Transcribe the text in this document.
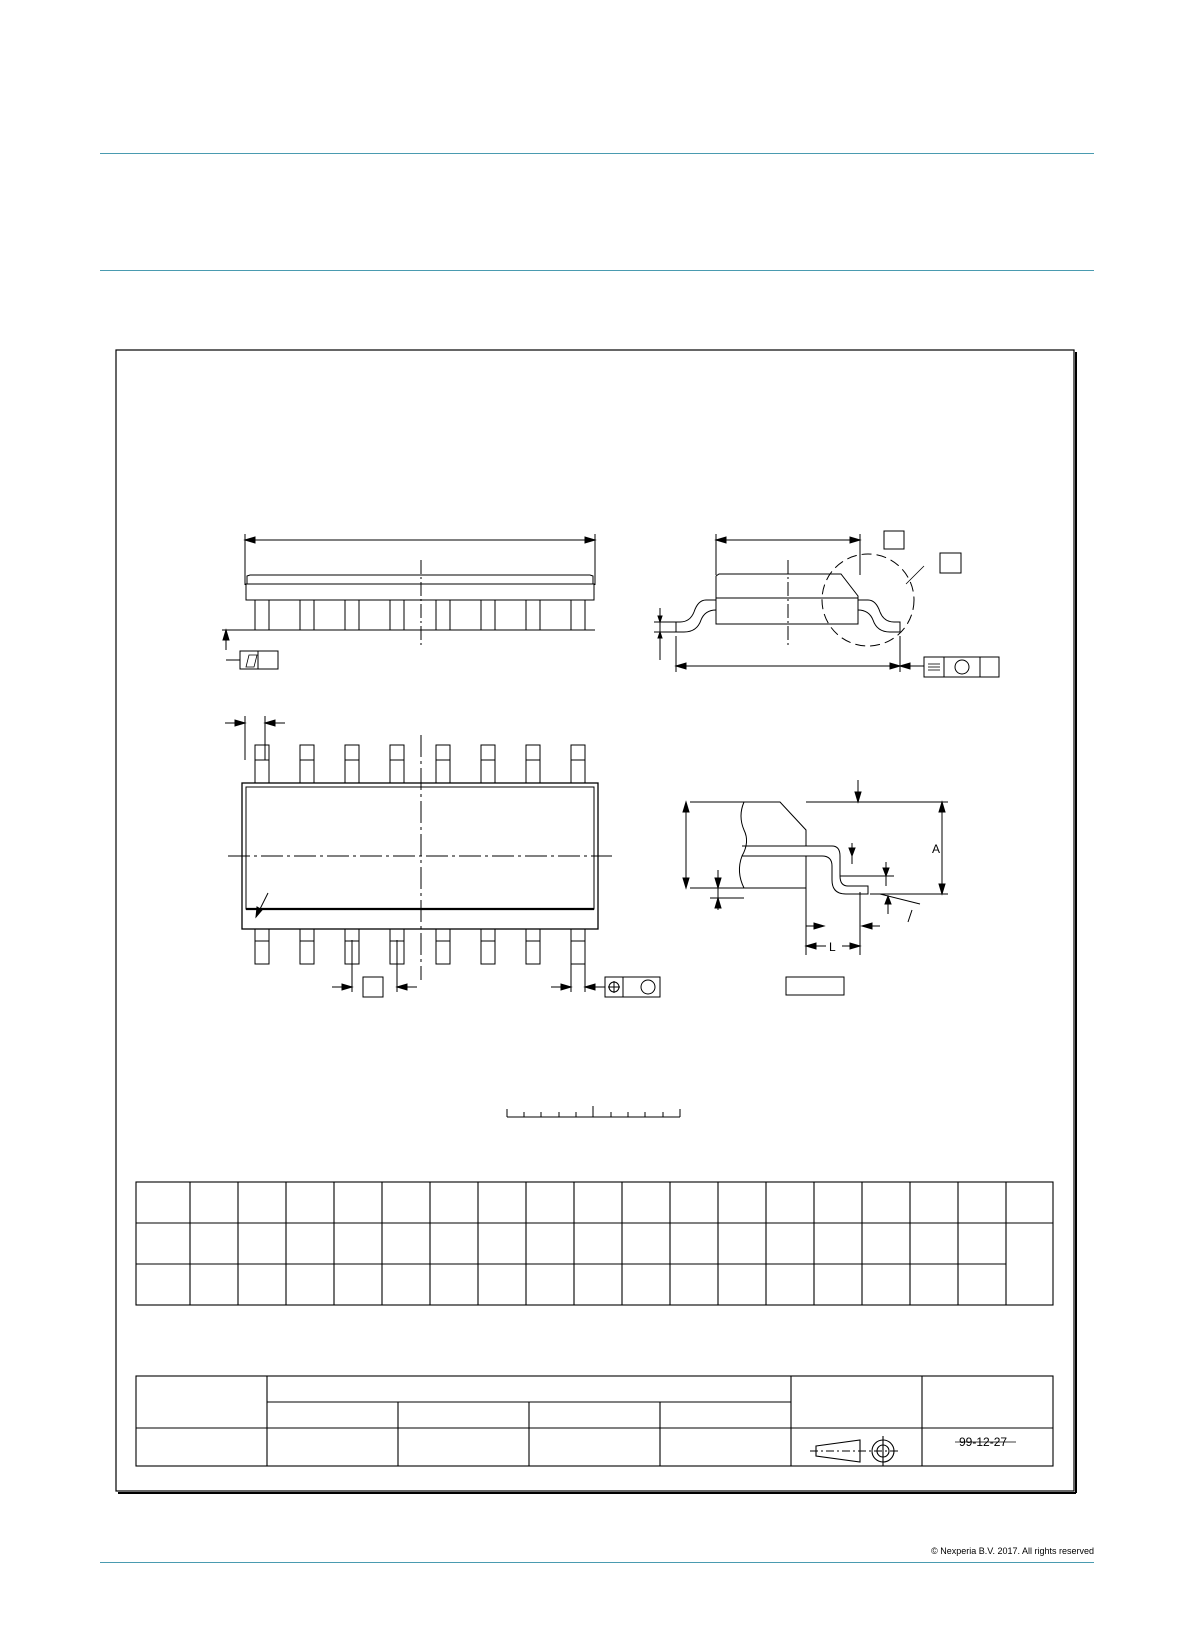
A
L
99-12-27
© Nexperia B.V. 2017. All rights reserved
